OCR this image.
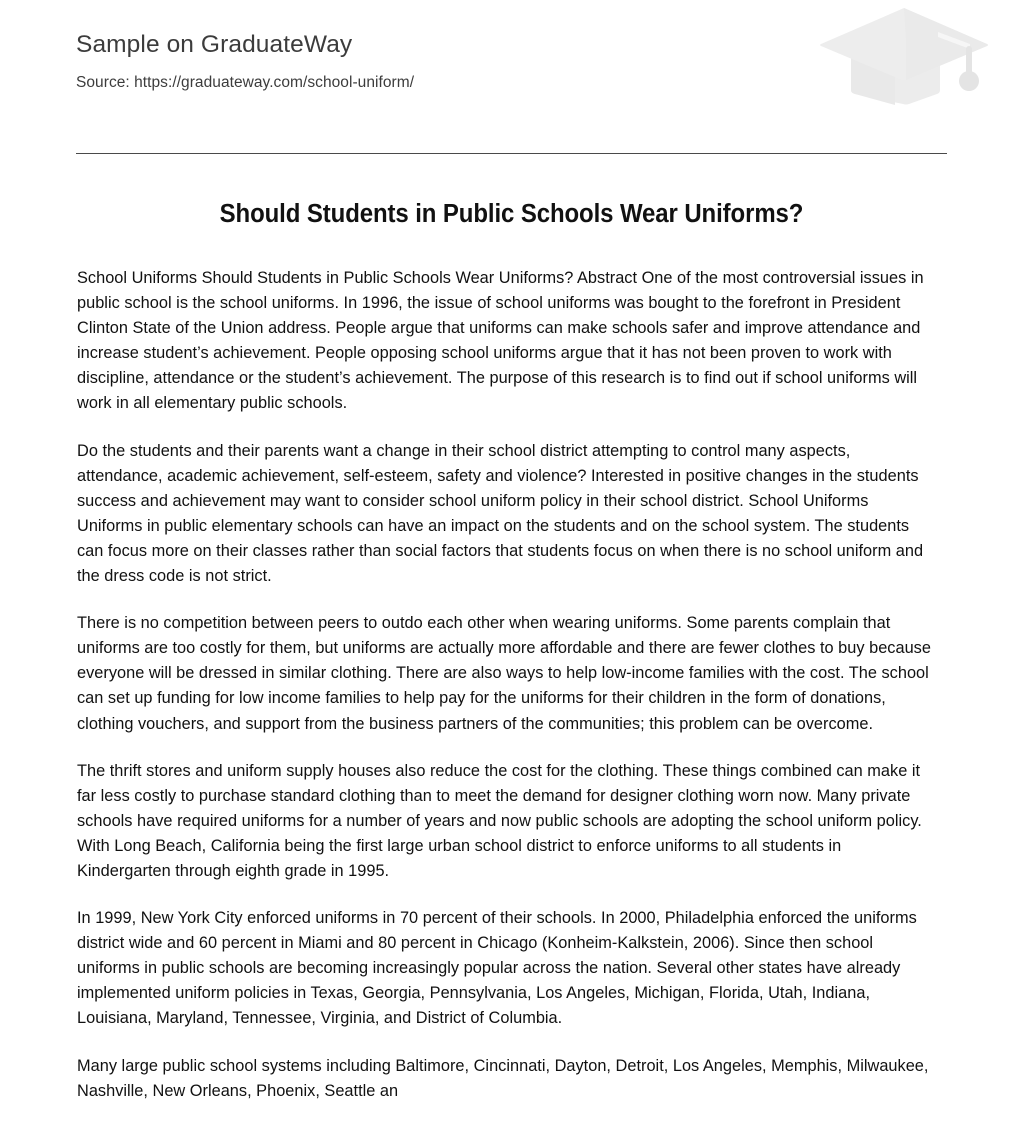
Sample on GraduateWay
Source: https://graduateway.com/school-uniform/
Should Students in Public Schools Wear Uniforms?

School Uniforms Should Students in Public Schools Wear Uniforms? Abstract One of the most controversial issues in public school is the school uniforms. In 1996, the issue of school uniforms was bought to the forefront in President Clinton State of the Union address. People argue that uniforms can make schools safer and improve attendance and increase student’s achievement. People opposing school uniforms argue that it has not been proven to work with discipline, attendance or the student’s achievement. The purpose of this research is to find out if school uniforms will work in all elementary public schools.

Do the students and their parents want a change in their school district attempting to control many aspects, attendance, academic achievement, self-esteem, safety and violence? Interested in positive changes in the students success and achievement may want to consider school uniform policy in their school district. School Uniforms Uniforms in public elementary schools can have an impact on the students and on the school system. The students can focus more on their classes rather than social factors that students focus on when there is no school uniform and the dress code is not strict.

There is no competition between peers to outdo each other when wearing uniforms. Some parents complain that uniforms are too costly for them, but uniforms are actually more affordable and there are fewer clothes to buy because everyone will be dressed in similar clothing. There are also ways to help low-income families with the cost. The school can set up funding for low income families to help pay for the uniforms for their children in the form of donations, clothing vouchers, and support from the business partners of the communities; this problem can be overcome.

The thrift stores and uniform supply houses also reduce the cost for the clothing. These things combined can make it far less costly to purchase standard clothing than to meet the demand for designer clothing worn now. Many private schools have required uniforms for a number of years and now public schools are adopting the school uniform policy. With Long Beach, California being the first large urban school district to enforce uniforms to all students in Kindergarten through eighth grade in 1995.

In 1999, New York City enforced uniforms in 70 percent of their schools. In 2000, Philadelphia enforced the uniforms district wide and 60 percent in Miami and 80 percent in Chicago (Konheim-Kalkstein, 2006). Since then school uniforms in public schools are becoming increasingly popular across the nation. Several other states have already implemented uniform policies in Texas, Georgia, Pennsylvania, Los Angeles, Michigan, Florida, Utah, Indiana, Louisiana, Maryland, Tennessee, Virginia, and District of Columbia.

Many large public school systems including Baltimore, Cincinnati, Dayton, Detroit, Los Angeles, Memphis, Milwaukee, Nashville, New Orleans, Phoenix, Seattle an
